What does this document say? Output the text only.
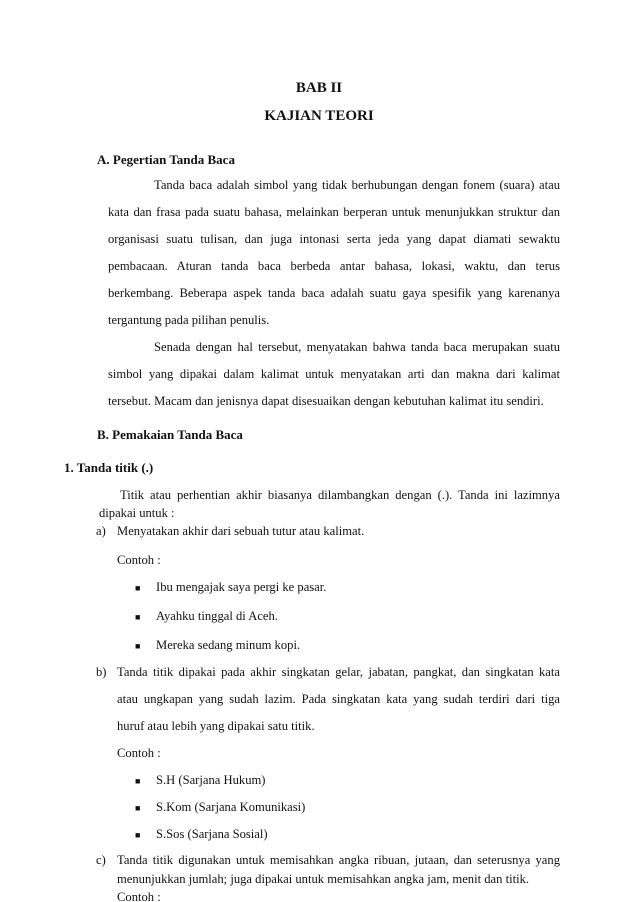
BAB II
KAJIAN TEORI
A. Pegertian Tanda Baca
Tanda baca adalah simbol yang tidak berhubungan dengan fonem (suara) atau
kata dan frasa pada suatu bahasa, melainkan berperan untuk menunjukkan struktur dan
organisasi suatu tulisan, dan juga intonasi serta jeda yang dapat diamati sewaktu
pembacaan. Aturan tanda baca berbeda antar bahasa, lokasi, waktu, dan terus
berkembang. Beberapa aspek tanda baca adalah suatu gaya spesifik yang karenanya
tergantung pada pilihan penulis.
Senada dengan hal tersebut, menyatakan bahwa tanda baca merupakan suatu
simbol yang dipakai dalam kalimat untuk menyatakan arti dan makna dari kalimat
tersebut. Macam dan jenisnya dapat disesuaikan dengan kebutuhan kalimat itu sendiri.
B. Pemakaian Tanda Baca
1. Tanda titik (.)
Titik atau perhentian akhir biasanya dilambangkan dengan (.). Tanda ini lazimnya
dipakai untuk :
a) Menyatakan akhir dari sebuah tutur atau kalimat.
Contoh :
■ Ibu mengajak saya pergi ke pasar.
■ Ayahku tinggal di Aceh.
■ Mereka sedang minum kopi.
b) Tanda titik dipakai pada akhir singkatan gelar, jabatan, pangkat, dan singkatan kata
atau ungkapan yang sudah lazim. Pada singkatan kata yang sudah terdiri dari tiga
huruf atau lebih yang dipakai satu titik.
Contoh :
■ S.H (Sarjana Hukum)
■ S.Kom (Sarjana Komunikasi)
■ S.Sos (Sarjana Sosial)
c) Tanda titik digunakan untuk memisahkan angka ribuan, jutaan, dan seterusnya yang
menunjukkan jumlah; juga dipakai untuk memisahkan angka jam, menit dan titik.
Contoh :
